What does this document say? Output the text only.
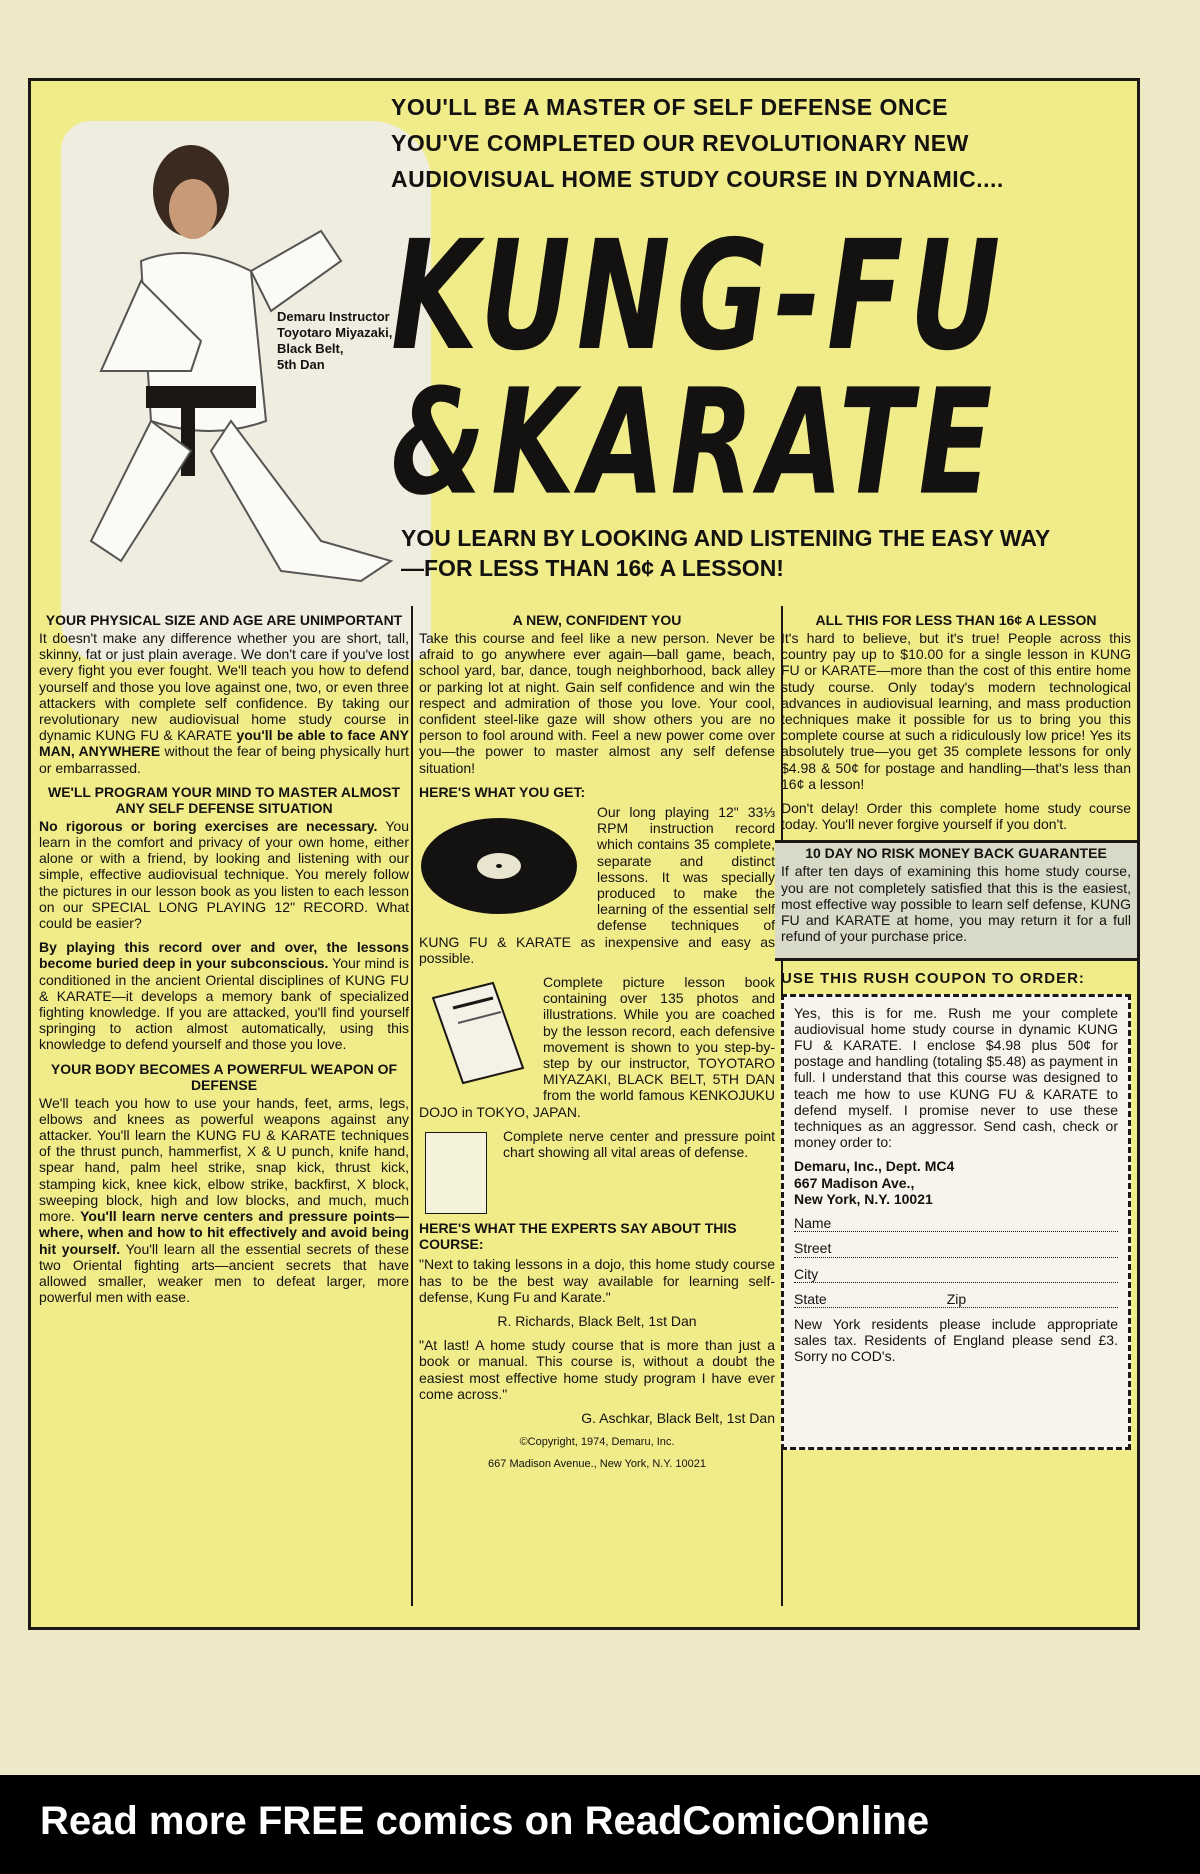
Demaru Instructor
Toyotaro Miyazaki,
Black Belt,
5th Dan
YOU'LL BE A MASTER OF SELF DEFENSE ONCE
YOU'VE COMPLETED OUR REVOLUTIONARY NEW
AUDIOVISUAL HOME STUDY COURSE IN DYNAMIC....
KUNG-FU
&KARATE
YOU LEARN BY LOOKING AND LISTENING THE EASY WAY
—FOR LESS THAN 16¢ A LESSON!
YOUR PHYSICAL SIZE AND AGE ARE UNIMPORTANT

It doesn't make any difference whether you are short, tall, skinny, fat or just plain average. We don't care if you've lost every fight you ever fought. We'll teach you how to defend yourself and those you love against one, two, or even three attackers with complete self confidence. By taking our revolutionary new audiovisual home study course in dynamic KUNG FU & KARATE you'll be able to face ANY MAN, ANYWHERE without the fear of being physically hurt or embarrassed.

WE'LL PROGRAM YOUR MIND TO MASTER ALMOST ANY SELF DEFENSE SITUATION

No rigorous or boring exercises are necessary. You learn in the comfort and privacy of your own home, either alone or with a friend, by looking and listening with our simple, effective audiovisual technique. You merely follow the pictures in our lesson book as you listen to each lesson on our SPECIAL LONG PLAYING 12" RECORD. What could be easier?

By playing this record over and over, the lessons become buried deep in your subconscious. Your mind is conditioned in the ancient Oriental disciplines of KUNG FU & KARATE—it develops a memory bank of specialized fighting knowledge. If you are attacked, you'll find yourself springing to action almost automatically, using this knowledge to defend yourself and those you love.

YOUR BODY BECOMES A POWERFUL WEAPON OF DEFENSE

We'll teach you how to use your hands, feet, arms, legs, elbows and knees as powerful weapons against any attacker. You'll learn the KUNG FU & KARATE techniques of the thrust punch, hammerfist, X & U punch, knife hand, spear hand, palm heel strike, snap kick, thrust kick, stamping kick, knee kick, elbow strike, backfirst, X block, sweeping block, high and low blocks, and much, much more. You'll learn nerve centers and pressure points—where, when and how to hit effectively and avoid being hit yourself. You'll learn all the essential secrets of these two Oriental fighting arts—ancient secrets that have allowed smaller, weaker men to defeat larger, more powerful men with ease.

A NEW, CONFIDENT YOU

Take this course and feel like a new person. Never be afraid to go anywhere ever again—ball game, beach, school yard, bar, dance, tough neighborhood, back alley or parking lot at night. Gain self confidence and win the respect and admiration of those you love. Your cool, confident steel-like gaze will show others you are no person to fool around with. Feel a new power come over you—the power to master almost any self defense situation!

HERE'S WHAT YOU GET:

Our long playing 12" 33⅓ RPM instruction record which contains 35 complete, separate and distinct lessons. It was specially produced to make the learning of the essential self defense techniques of KUNG FU & KARATE as inexpensive and easy as possible.

Complete picture lesson book containing over 135 photos and illustrations. While you are coached by the lesson record, each defensive movement is shown to you step-by-step by our instructor, TOYOTARO MIYAZAKI, BLACK BELT, 5TH DAN from the world famous KENKOJUKU DOJO in TOKYO, JAPAN.

Complete nerve center and pressure point chart showing all vital areas of defense.

HERE'S WHAT THE EXPERTS SAY ABOUT THIS COURSE:

"Next to taking lessons in a dojo, this home study course has to be the best way available for learning self-defense, Kung Fu and Karate."

R. Richards, Black Belt, 1st Dan

"At last! A home study course that is more than just a book or manual. This course is, without a doubt the easiest most effective home study program I have ever come across."

G. Aschkar, Black Belt, 1st Dan

©Copyright, 1974, Demaru, Inc.
667 Madison Avenue., New York, N.Y. 10021
ALL THIS FOR LESS THAN 16¢ A LESSON

It's hard to believe, but it's true! People across this country pay up to $10.00 for a single lesson in KUNG FU or KARATE—more than the cost of this entire home study course. Only today's modern technological advances in audiovisual learning, and mass production techniques make it possible for us to bring you this complete course at such a ridiculously low price! Yes its absolutely true—you get 35 complete lessons for only $4.98 & 50¢ for postage and handling—that's less than 16¢ a lesson!

Don't delay! Order this complete home study course today. You'll never forgive yourself if you don't.

10 DAY NO RISK MONEY BACK GUARANTEE

If after ten days of examining this home study course, you are not completely satisfied that this is the easiest, most effective way possible to learn self defense, KUNG FU and KARATE at home, you may return it for a full refund of your purchase price.

USE THIS RUSH COUPON TO ORDER:

Yes, this is for me. Rush me your complete audiovisual home study course in dynamic KUNG FU & KARATE. I enclose $4.98 plus 50¢ for postage and handling (totaling $5.48) as payment in full. I understand that this course was designed to teach me how to use KUNG FU & KARATE to defend myself. I promise never to use these techniques as an aggressor. Send cash, check or money order to:

Demaru, Inc., Dept. MC4
667 Madison Ave.,
New York, N.Y. 10021
Name
Street
City
State	Zip

New York residents please include appropriate sales tax. Residents of England please send £3. Sorry no COD's.

Read more FREE comics on ReadComicOnline
